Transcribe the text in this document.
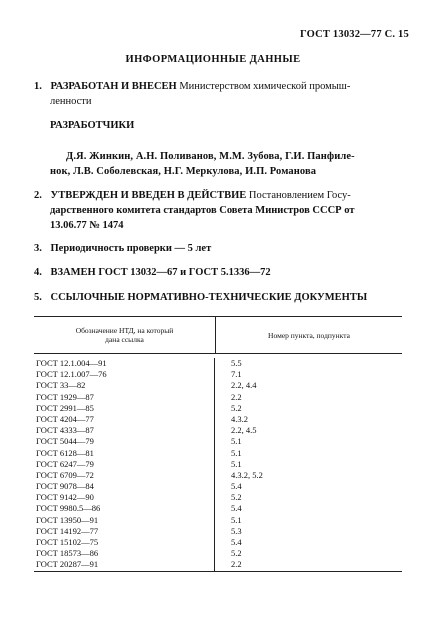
ГОСТ 13032—77 С. 15
ИНФОРМАЦИОННЫЕ ДАННЫЕ
1. РАЗРАБОТАН И ВНЕСЕН Министерством химической промыш-
ленности
РАЗРАБОТЧИКИ
Д.Я. Жинкин, А.Н. Поливанов, М.М. Зубова, Г.И. Панфиле-
нок, Л.В. Соболевская, Н.Г. Меркулова, И.П. Романова
2. УТВЕРЖДЕН И ВВЕДЕН В ДЕЙСТВИЕ Постановлением Госу-
дарственного комитета стандартов Совета Министров СССР от
13.06.77 № 1474
3. Периодичность проверки — 5 лет
4. ВЗАМЕН ГОСТ 13032—67 и ГОСТ 5.1336—72
5. ССЫЛОЧНЫЕ НОРМАТИВНО-ТЕХНИЧЕСКИЕ ДОКУМЕНТЫ
Обозначение НТД, на который
дана ссылка	Номер пункта, подпункта
ГОСТ 12.1.004—91	5.5
ГОСТ 12.1.007—76	7.1
ГОСТ 33—82	2.2, 4.4
ГОСТ 1929—87	2.2
ГОСТ 2991—85	5.2
ГОСТ 4204—77	4.3.2
ГОСТ 4333—87	2.2, 4.5
ГОСТ 5044—79	5.1
ГОСТ 6128—81	5.1
ГОСТ 6247—79	5.1
ГОСТ 6709—72	4.3.2, 5.2
ГОСТ 9078—84	5.4
ГОСТ 9142—90	5.2
ГОСТ 9980.5—86	5.4
ГОСТ 13950—91	5.1
ГОСТ 14192—77	5.3
ГОСТ 15102—75	5.4
ГОСТ 18573—86	5.2
ГОСТ 20287—91	2.2
